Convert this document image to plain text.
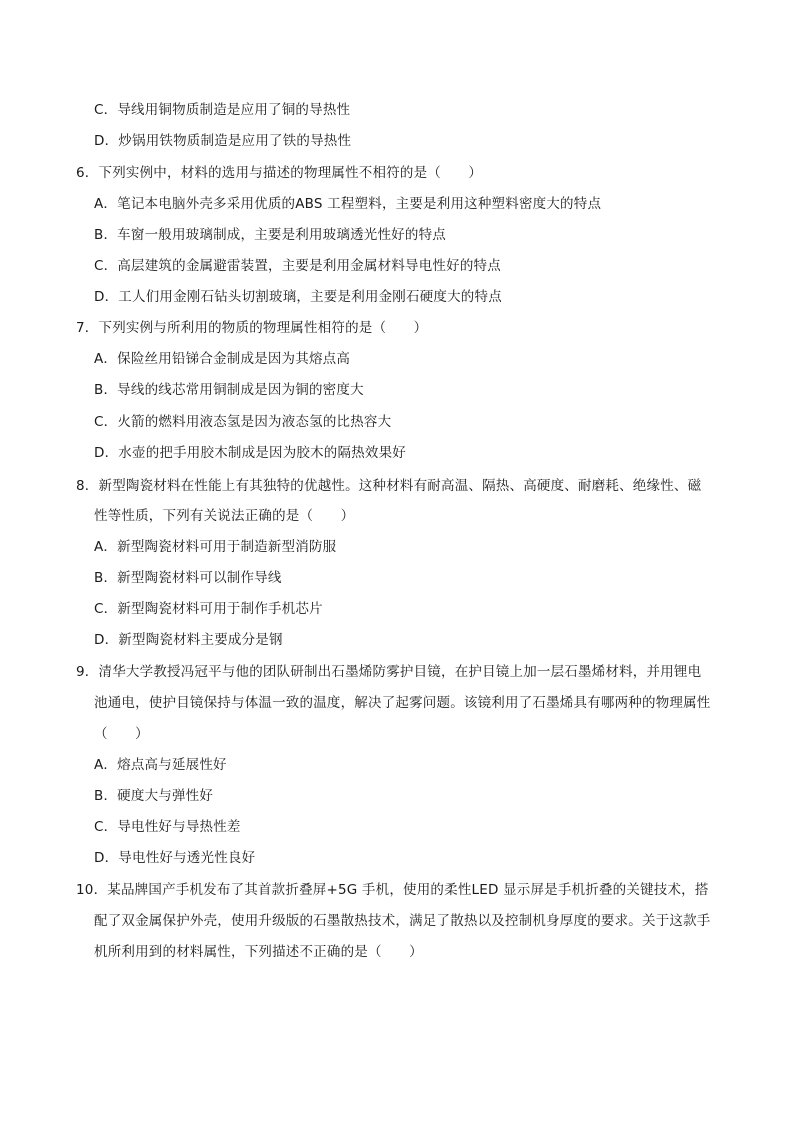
C．导线用铜物质制造是应用了铜的导热性
D．炒锅用铁物质制造是应用了铁的导热性
6．下列实例中，材料的选用与描述的物理属性不相符的是（　　）
A．笔记本电脑外壳多采用优质的ABS 工程塑料，主要是利用这种塑料密度大的特点
B．车窗一般用玻璃制成，主要是利用玻璃透光性好的特点
C．高层建筑的金属避雷装置，主要是利用金属材料导电性好的特点
D．工人们用金刚石钻头切割玻璃，主要是利用金刚石硬度大的特点
7．下列实例与所利用的物质的物理属性相符的是（　　）
A．保险丝用铅锑合金制成是因为其熔点高
B．导线的线芯常用铜制成是因为铜的密度大
C．火箭的燃料用液态氢是因为液态氢的比热容大
D．水壶的把手用胶木制成是因为胶木的隔热效果好
8．新型陶瓷材料在性能上有其独特的优越性。这种材料有耐高温、隔热、高硬度、耐磨耗、绝缘性、磁
性等性质，下列有关说法正确的是（　　）
A．新型陶瓷材料可用于制造新型消防服
B．新型陶瓷材料可以制作导线
C．新型陶瓷材料可用于制作手机芯片
D．新型陶瓷材料主要成分是钢
9．清华大学教授冯冠平与他的团队研制出石墨烯防雾护目镜，在护目镜上加一层石墨烯材料，并用锂电
池通电，使护目镜保持与体温一致的温度，解决了起雾问题。该镜利用了石墨烯具有哪两种的物理属性
（　　）
A．熔点高与延展性好
B．硬度大与弹性好
C．导电性好与导热性差
D．导电性好与透光性良好
10．某品牌国产手机发布了其首款折叠屏+5G 手机，使用的柔性LED 显示屏是手机折叠的关键技术，搭
配了双金属保护外壳，使用升级版的石墨散热技术，满足了散热以及控制机身厚度的要求。关于这款手
机所利用到的材料属性，下列描述不正确的是（　　）
